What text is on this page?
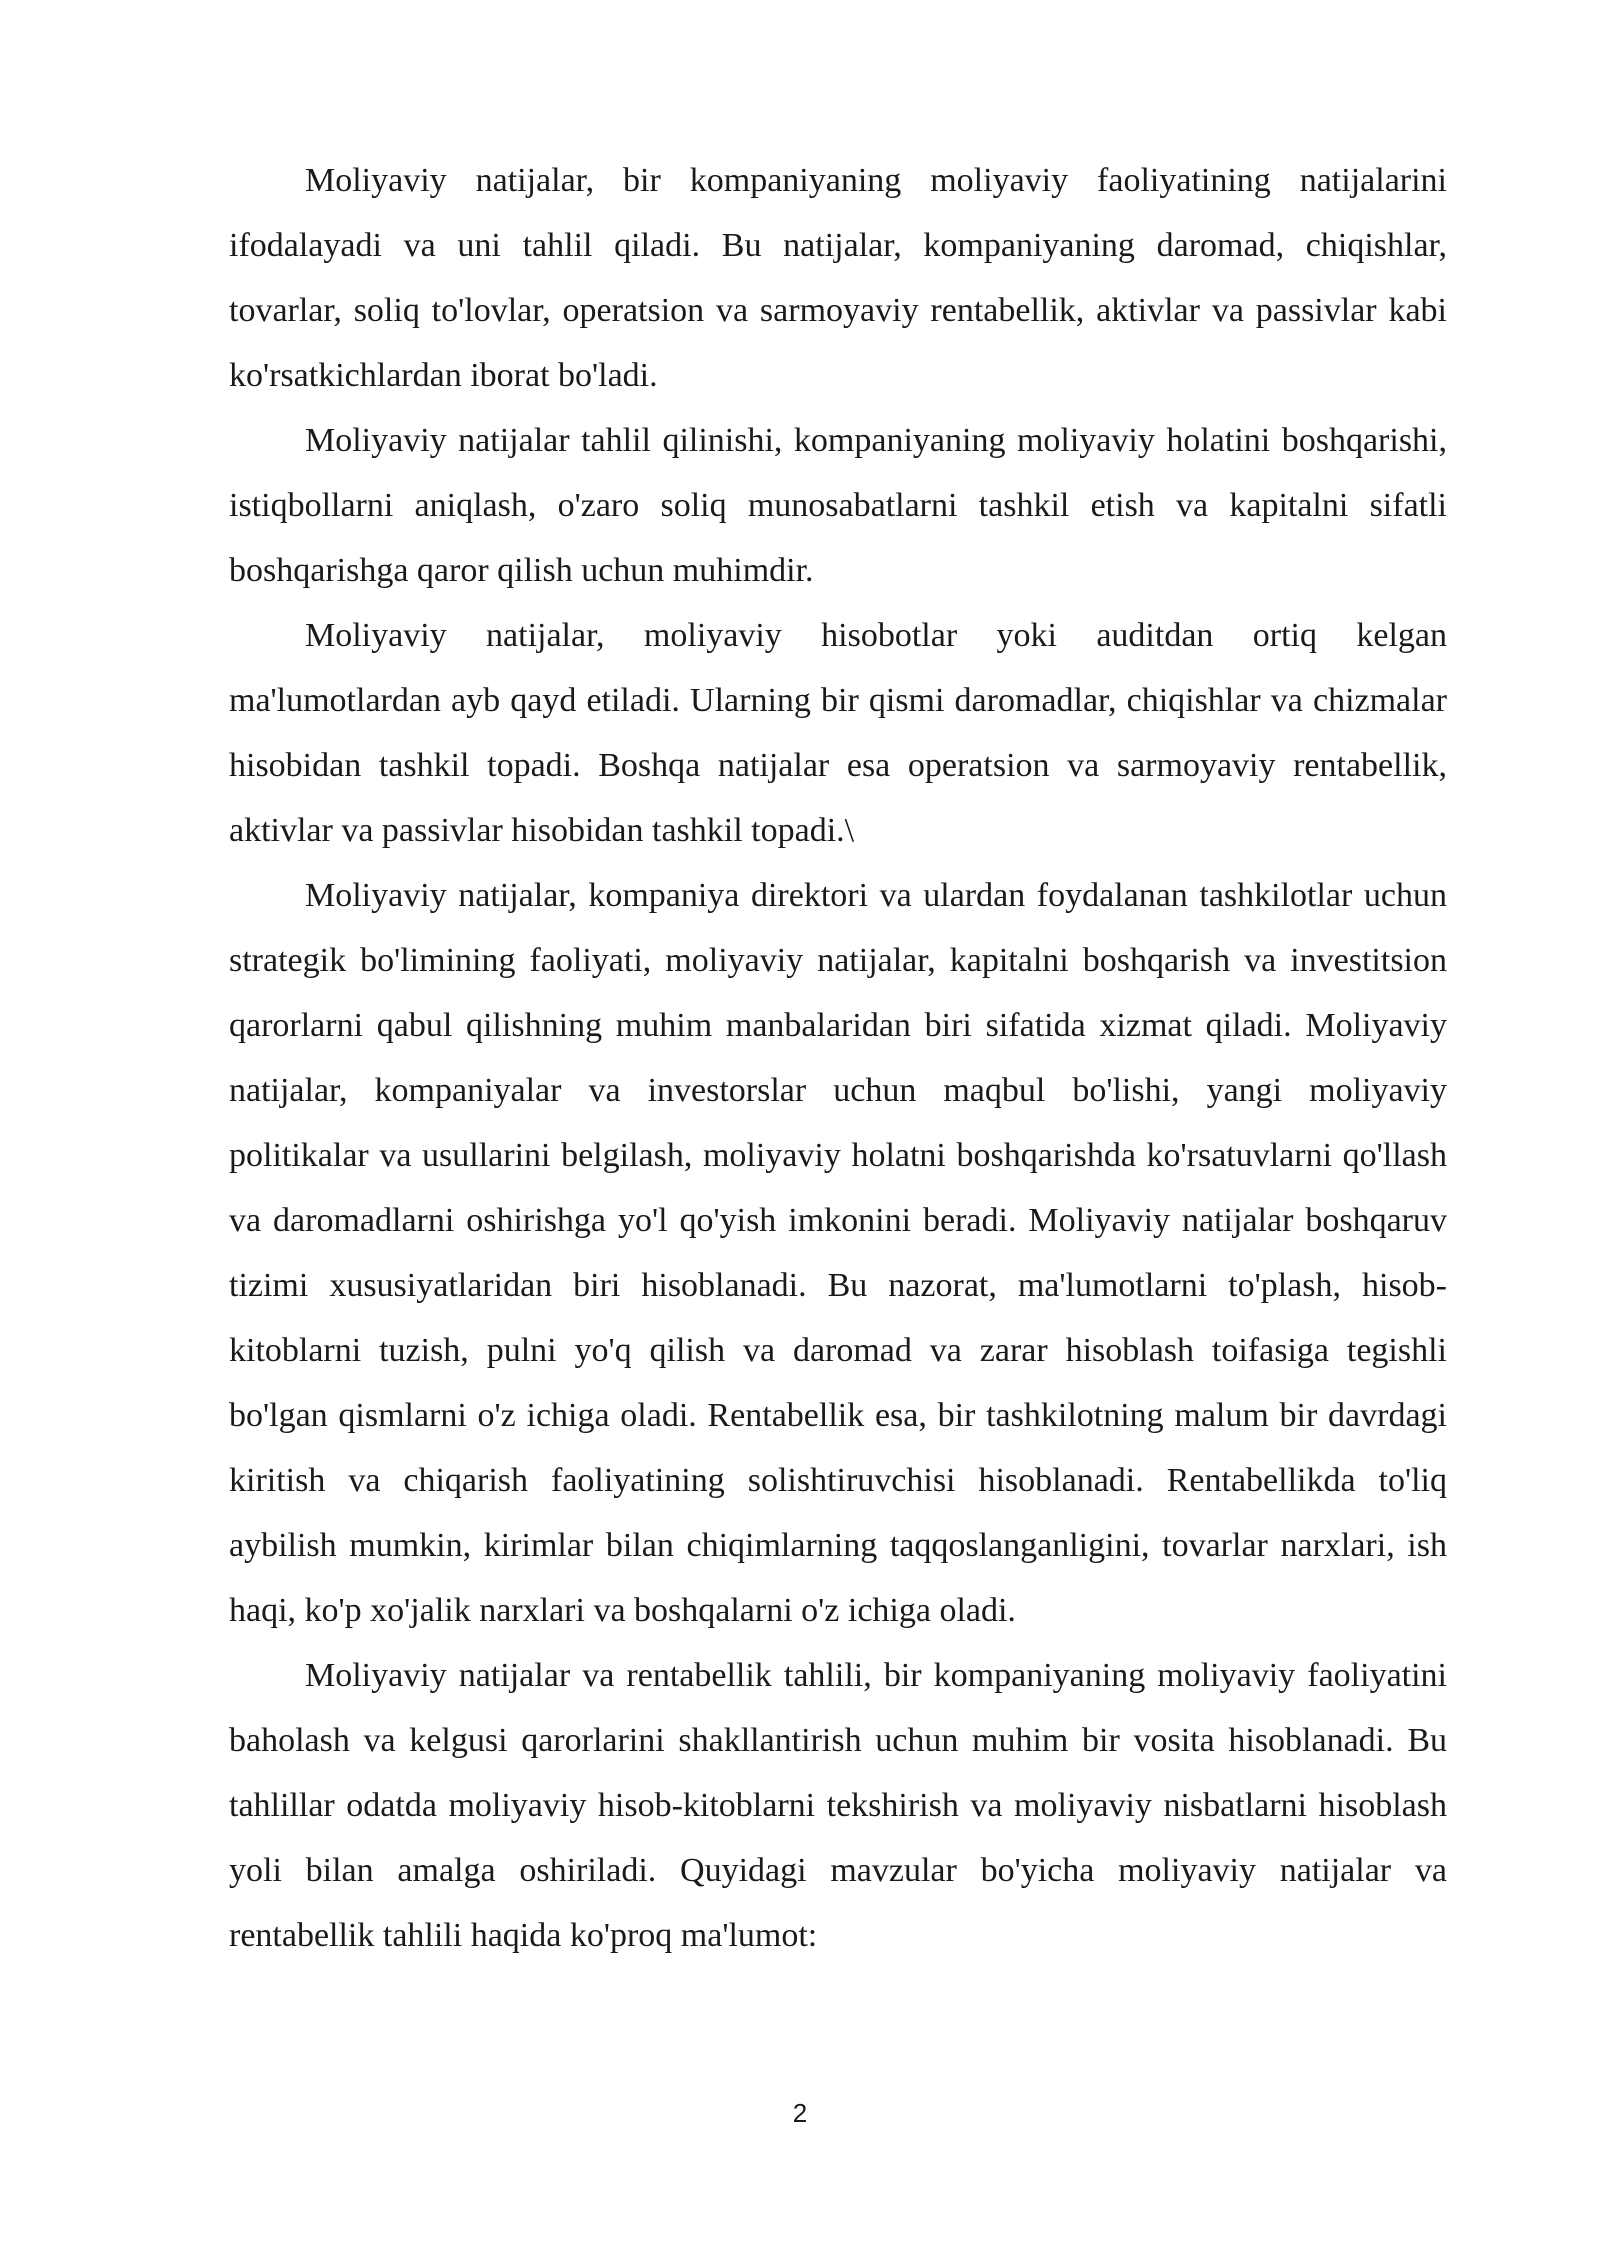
Moliyaviy natijalar, bir kompaniyaning moliyaviy faoliyatining natijalarini ifodalayadi va uni tahlil qiladi. Bu natijalar, kompaniyaning daromad, chiqishlar, tovarlar, soliq to'lovlar, operatsion va sarmoyaviy rentabellik, aktivlar va passivlar kabi ko'rsatkichlardan iborat bo'ladi.

Moliyaviy natijalar tahlil qilinishi, kompaniyaning moliyaviy holatini boshqarishi, istiqbollarni aniqlash, o'zaro soliq munosabatlarni tashkil etish va kapitalni sifatli boshqarishga qaror qilish uchun muhimdir.

Moliyaviy natijalar, moliyaviy hisobotlar yoki auditdan ortiq kelgan ma'lumotlardan ayb qayd etiladi. Ularning bir qismi daromadlar, chiqishlar va chizmalar hisobidan tashkil topadi. Boshqa natijalar esa operatsion va sarmoyaviy rentabellik, aktivlar va passivlar hisobidan tashkil topadi.\

Moliyaviy natijalar, kompaniya direktori va ulardan foydalanan tashkilotlar uchun strategik bo'limining faoliyati, moliyaviy natijalar, kapitalni boshqarish va investitsion qarorlarni qabul qilishning muhim manbalaridan biri sifatida xizmat qiladi. Moliyaviy natijalar, kompaniyalar va investorslar uchun maqbul bo'lishi, yangi moliyaviy politikalar va usullarini belgilash, moliyaviy holatni boshqarishda ko'rsatuvlarni qo'llash va daromadlarni oshirishga yo'l qo'yish imkonini beradi. Moliyaviy natijalar boshqaruv tizimi xususiyatlaridan biri hisoblanadi. Bu nazorat, ma'lumotlarni to'plash, hisob-kitoblarni tuzish, pulni yo'q qilish va daromad va zarar hisoblash toifasiga tegishli bo'lgan qismlarni o'z ichiga oladi. Rentabellik esa, bir tashkilotning malum bir davrdagi kiritish va chiqarish faoliyatining solishtiruvchisi hisoblanadi. Rentabellikda to'liq aybilish mumkin, kirimlar bilan chiqimlarning taqqoslanganligini, tovarlar narxlari, ish haqi, ko'p xo'jalik narxlari va boshqalarni o'z ichiga oladi.

Moliyaviy natijalar va rentabellik tahlili, bir kompaniyaning moliyaviy faoliyatini baholash va kelgusi qarorlarini shakllantirish uchun muhim bir vosita hisoblanadi. Bu tahlillar odatda moliyaviy hisob-kitoblarni tekshirish va moliyaviy nisbatlarni hisoblash yoli bilan amalga oshiriladi. Quyidagi mavzular bo'yicha moliyaviy natijalar va rentabellik tahlili haqida ko'proq ma'lumot:

2
